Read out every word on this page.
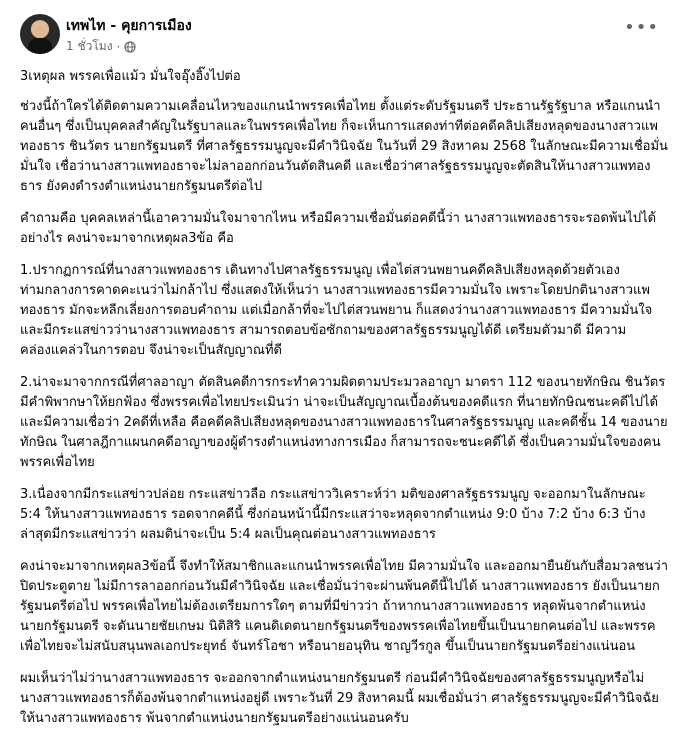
เทพไท - คุยการเมือง
1 ชั่วโมง ·
•••

3เหตุผล พรรคเพื่อแม้ว มั่นใจอุ๊งอิ๊งไปต่อ

ช่วงนี้ถ้าใครได้ติดตามความเคลื่อนไหวของแกนนำพรรคเพื่อไทย ตั้งแต่ระดับรัฐมนตรี ประธานรัฐรัฐบาล หรือแกนนำคนอื่นๆ ซึ่งเป็นบุคคลสำคัญในรัฐบาลและในพรรคเพื่อไทย ก็จะเห็นการแสดงท่าทีต่อคดีคลิปเสียงหลุดของนางสาวแพทองธาร ชินวัตร นายกรัฐมนตรี ที่ศาลรัฐธรรมนูญจะมีคำวินิจฉัย ในวันที่ 29 สิงหาคม 2568 ในลักษณะมีความเชื่อมั่น มั่นใจ เชื่อว่านางสาวแพทองธาจะไม่ลาออกก่อนวันตัดสินคดี และเชื่อว่าศาลรัฐธรรมนูญจะตัดสินให้นางสาวแพทองธาร ยังคงดำรงตำแหน่งนายกรัฐมนตรีต่อไป

คำถามคือ บุคคลเหล่านี้เอาความมั่นใจมาจากไหน หรือมีความเชื่อมั่นต่อคดีนี้ว่า นางสาวแพทองธารจะรอดพ้นไปได้อย่างไร คงน่าจะมาจากเหตุผล3ข้อ คือ

1.ปรากฏการณ์ที่นางสาวแพทองธาร เดินทางไปศาลรัฐธรรมนูญ เพื่อไต่สวนพยานคดีคลิปเสียงหลุดด้วยตัวเอง ท่ามกลางการคาดคะเนว่าไม่กล้าไป ซึ่งแสดงให้เห็นว่า นางสาวแพทองธารมีความมั่นใจ เพราะโดยปกตินางสาวแพทองธาร มักจะหลีกเลี่ยงการตอบคำถาม แต่เมื่อกล้าที่จะไปไต่สวนพยาน ก็แสดงว่านางสาวแพทองธาร มีความมั่นใจ และมีกระแสข่าวว่านางสาวแพทองธาร สามารถตอบข้อซักถามของศาลรัฐธรรมนูญได้ดี เตรียมตัวมาดี มีความคล่องแคล่วในการตอบ จึงน่าจะเป็นสัญญาณที่ดี

2.น่าจะมาจากกรณีที่ศาลอาญา ตัดสินคดีการกระทำความผิดตามประมวลอาญา มาตรา 112 ของนายทักษิณ ชินวัตร มีคำพิพากษาให้ยกฟ้อง ซึ่งพรรคเพื่อไทยประเมินว่า น่าจะเป็นสัญญาณเบื้องต้นของคดีแรก ที่นายทักษิณชนะคดีไปได้ และมีความเชื่อว่า 2คดีที่เหลือ คือคดีคลิปเสียงหลุดของนางสาวแพทองธารในศาลรัฐธรรมนูญ และคดีชั้น 14 ของนายทักษิณ ในศาลฎีกาแผนกคดีอาญาของผู้ดำรงตำแหน่งทางการเมือง ก็สามารถจะชนะคดีได้ ซึ่งเป็นความมั่นใจของคนพรรคเพื่อไทย

3.เนื่องจากมีกระแสข่าวปล่อย กระแสข่าวลือ กระแสข่าววิเคราะห์ว่า มติของศาลรัฐธรรมนูญ จะออกมาในลักษณะ 5:4 ให้นางสาวแพทองธาร รอดจากคดีนี้ ซึ่งก่อนหน้านี้มีกระแสว่าจะหลุดจากตำแหน่ง 9:0 บ้าง 7:2 บ้าง 6:3 บ้าง ล่าสุดมีกระแสข่าวว่า ผลมติน่าจะเป็น 5:4 ผลเป็นคุณต่อนางสาวแพทองธาร

คงน่าจะมาจากเหตุผล3ข้อนี้ จึงทำให้สมาชิกและแกนนำพรรคเพื่อไทย มีความมั่นใจ และออกมายืนยันกับสื่อมวลชนว่า ปิดประตูตาย ไม่มีการลาออกก่อนวันมีคำวินิจฉัย และเชื่อมั่นว่าจะผ่านพ้นคดีนี้ไปได้ นางสาวแพทองธาร ยังเป็นนายกรัฐมนตรีต่อไป พรรคเพื่อไทยไม่ต้องเตรียมการใดๆ ตามที่มีข่าวว่า ถ้าหากนางสาวแพทองธาร หลุดพ้นจากตำแหน่งนายกรัฐมนตรี จะดันนายชัยเกษม นิติสิริ แคนดิเดตนายกรัฐมนตรีของพรรคเพื่อไทยขึ้นเป็นนายกคนต่อไป และพรรคเพื่อไทยจะไม่สนับสนุนพลเอกประยุทธ์ จันทร์โอชา หรือนายอนุทิน ชาญวีรกูล ขึ้นเป็นนายกรัฐมนตรีอย่างแน่นอน

ผมเห็นว่าไม่ว่านางสาวแพทองธาร จะออกจากตำแหน่งนายกรัฐมนตรี ก่อนมีคำวินิจฉัยของศาลรัฐธรรมนูญหรือไม่ นางสาวแพทองธารก็ต้องพ้นจากตำแหน่งอยู่ดี เพราะวันที่ 29 สิงหาคมนี้ ผมเชื่อมั่นว่า ศาลรัฐธรรมนูญจะมีคำวินิจฉัยให้นางสาวแพทองธาร พ้นจากตำแหน่งนายกรัฐมนตรีอย่างแน่นอนครับ
